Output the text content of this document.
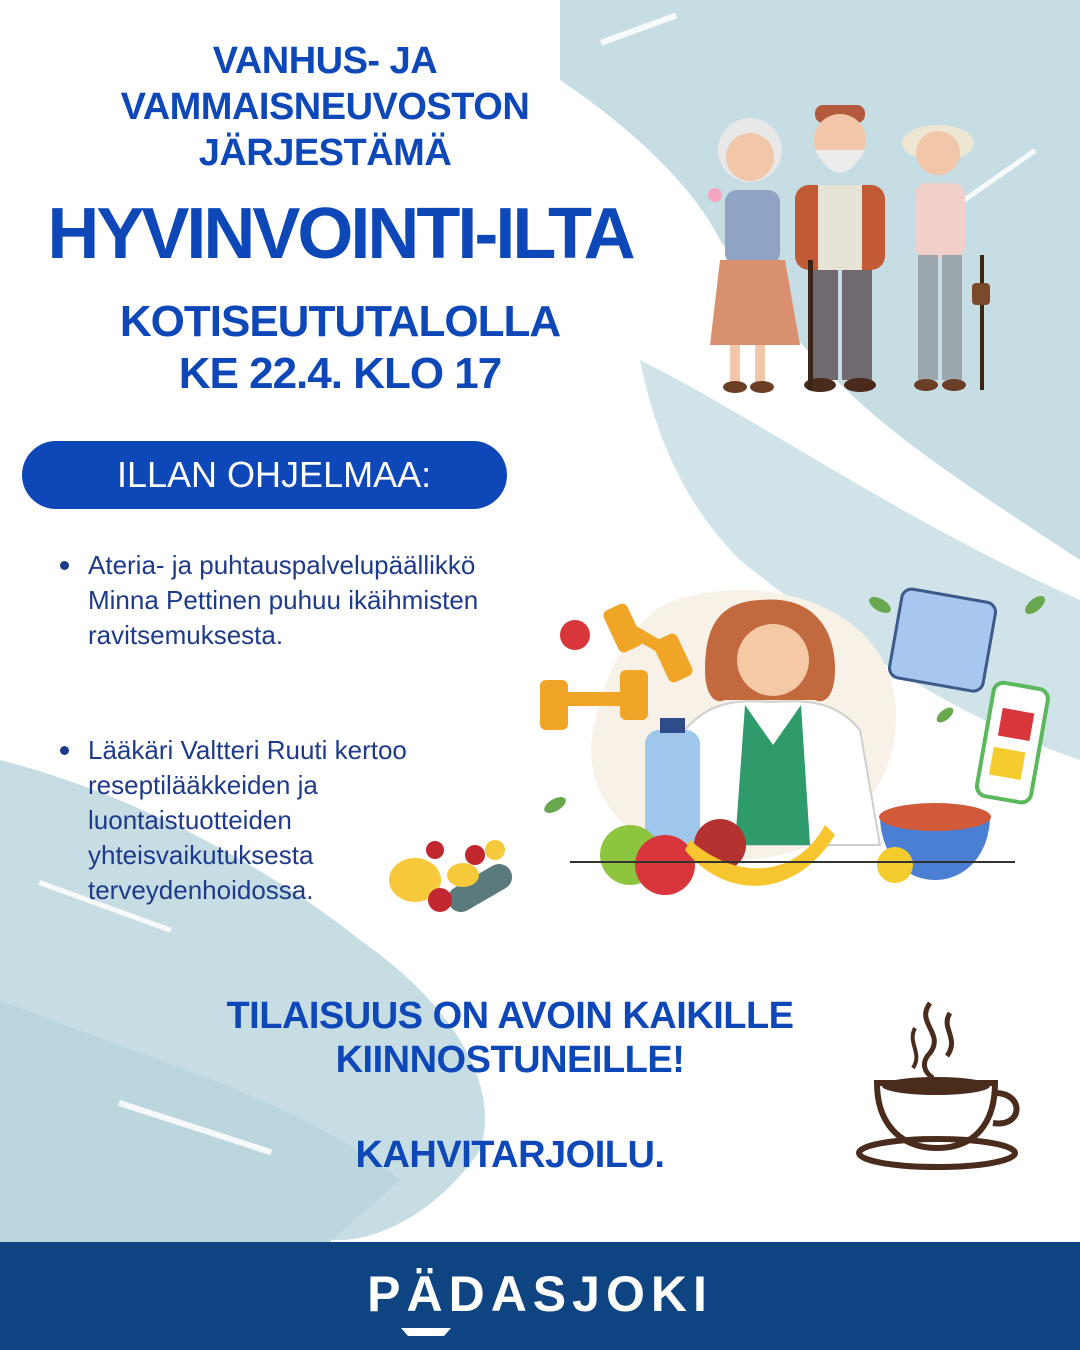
VANHUS- JA VAMMAISNEUVOSTON JÄRJESTÄMÄ
HYVINVOINTI-ILTA
KOTISEUTUTALOLLA
KE 22.4. KLO 17
ILLAN OHJELMAA:
Ateria- ja puhtauspalvelupäällikkö Minna Pettinen puhuu ikäihmisten ravitsemuksesta.
Lääkäri Valtteri Ruuti kertoo reseptilääkkeiden ja luontaistuotteiden yhteisvaikutuksesta terveydenhoidossa.
TILAISUUS ON AVOIN KAIKILLE KIINNOSTUNEILLE!
KAHVITARJOILU.
PÄDASJOKI
